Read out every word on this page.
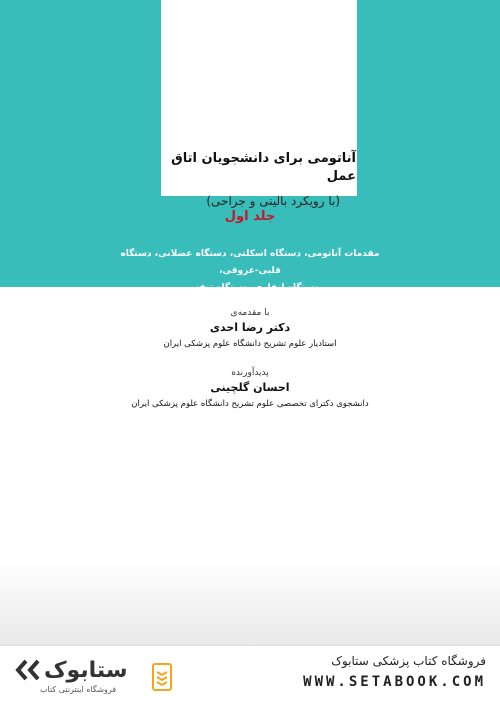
آناتومی برای دانشجویان اتاق عمل
(با رویکرد بالینی و جراحی)
جلد اول
مقدمات آناتومی، دستگاه اسکلتی، دستگاه عضلانی، دستگاه قلبی-عروقی،
دستگاه لنفاوی، دستگاه تنفسی
با مقدمه‌ی
دکتر رضا احدی
استادیار علوم تشریح دانشگاه علوم پزشکی ایران
پدیدآورنده
احسان گلچینی
دانشجوی دکترای تخصصی علوم تشریح دانشگاه علوم پزشکی ایران
ستابوک
فروشگاه اینترنتی کتاب
فروشگاه کتاب پزشکی ستابوک
WWW.SETABOOK.COM
